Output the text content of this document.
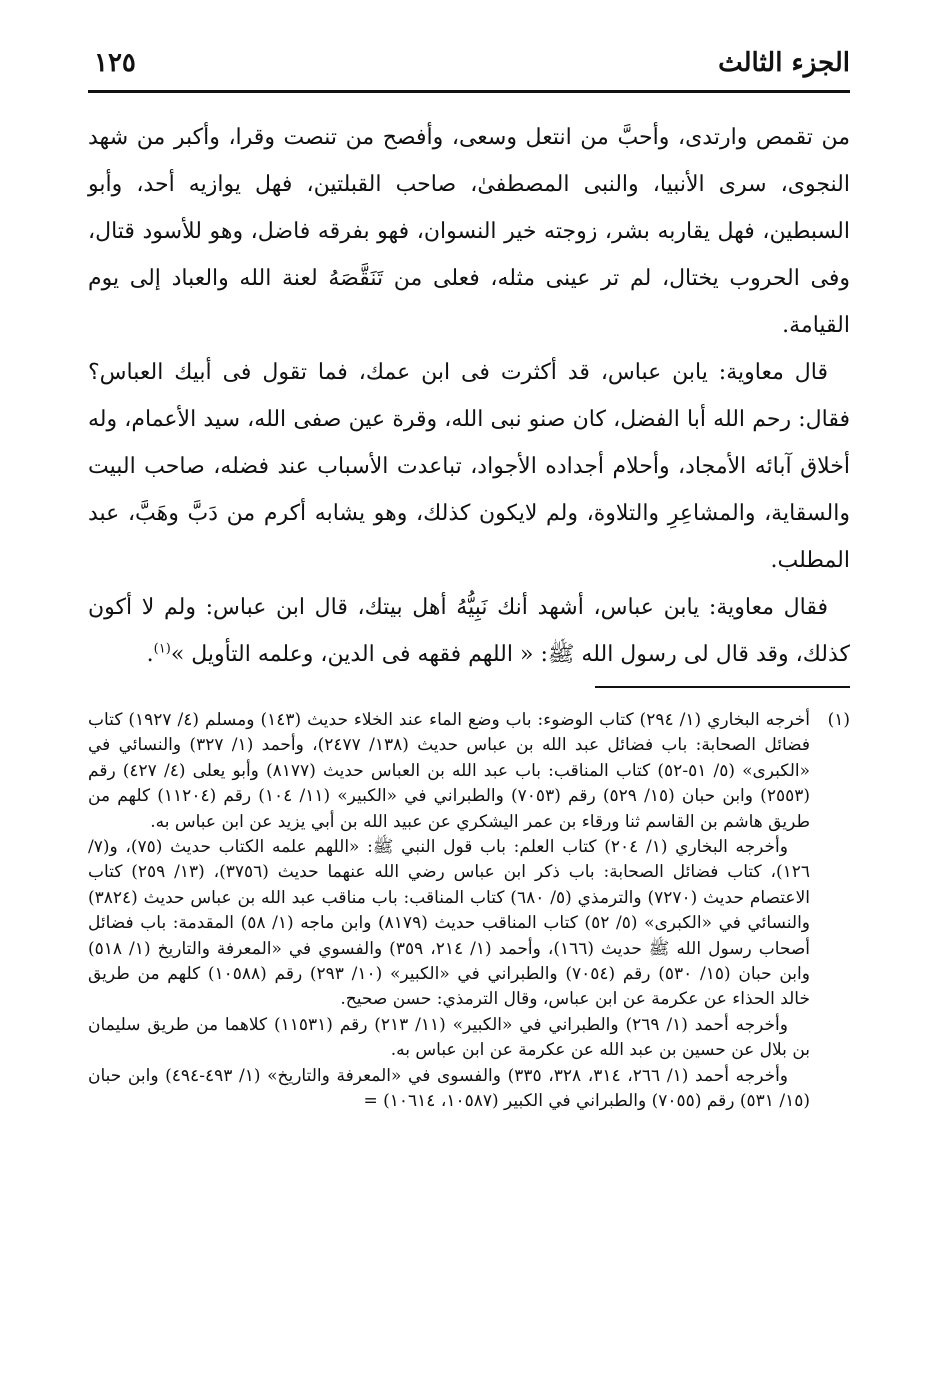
الجزء الثالث
١٢٥

من تقمص وارتدى، وأحبَّ من انتعل وسعى، وأفصح من تنصت وقرا، وأكبر من شهد النجوى، سرى الأنبيا، والنبى المصطفىٰ، صاحب القبلتين، فهل يوازيه أحد، وأبو السبطين، فهل يقاربه بشر، زوجته خير النسوان، فهو بفرقه فاضل، وهو للأسود قتال، وفى الحروب يختال، لم تر عينى مثله، فعلى من تَنَقَّصَهُ لعنة الله والعباد إلى يوم القيامة.

قال معاوية: يابن عباس، قد أكثرت فى ابن عمك، فما تقول فى أبيك العباس؟ فقال: رحم الله أبا الفضل، كان صنو نبى الله، وقرة عين صفى الله، سيد الأعمام، وله أخلاق آبائه الأمجاد، وأحلام أجداده الأجواد، تباعدت الأسباب عند فضله، صاحب البيت والسقاية، والمشاعِرِ والتلاوة، ولم لايكون كذلك، وهو يشابه أكرم من دَبَّ وهَبَّ، عبد المطلب.

فقال معاوية: يابن عباس، أشهد أنك نَبِيُّهُ أهل بيتك، قال ابن عباس: ولم لا أكون كذلك، وقد قال لى رسول الله ﷺ: « اللهم فقهه فى الدين، وعلمه التأويل »$^{(١)}$.

(١)

أخرجه البخاري (١/ ٢٩٤) كتاب الوضوء: باب وضع الماء عند الخلاء حديث (١٤٣) ومسلم (٤/ ١٩٢٧) كتاب فضائل الصحابة: باب فضائل عبد الله بن عباس حديث (١٣٨/ ٢٤٧٧)، وأحمد (١/ ٣٢٧) والنسائي في «الكبرى» (٥/ ٥١-٥٢) كتاب المناقب: باب عبد الله بن العباس حديث (٨١٧٧) وأبو يعلى (٤/ ٤٢٧) رقم (٢٥٥٣) وابن حبان (١٥/ ٥٢٩) رقم (٧٠٥٣) والطبراني في «الكبير» (١١/ ١٠٤) رقم (١١٢٠٤) كلهم من طريق هاشم بن القاسم ثنا ورقاء بن عمر اليشكري عن عبيد الله بن أبي يزيد عن ابن عباس به.

وأخرجه البخاري (١/ ٢٠٤) كتاب العلم: باب قول النبي ﷺ: «اللهم علمه الكتاب حديث (٧٥)، و(٧/ ١٢٦)، كتاب فضائل الصحابة: باب ذكر ابن عباس رضي الله عنهما حديث (٣٧٥٦)، (١٣/ ٢٥٩) كتاب الاعتصام حديث (٧٢٧٠) والترمذي (٥/ ٦٨٠) كتاب المناقب: باب مناقب عبد الله بن عباس حديث (٣٨٢٤) والنسائي في «الكبرى» (٥/ ٥٢) كتاب المناقب حديث (٨١٧٩) وابن ماجه (١/ ٥٨) المقدمة: باب فضائل أصحاب رسول الله ﷺ حديث (١٦٦)، وأحمد (١/ ٢١٤، ٣٥٩) والفسوي في «المعرفة والتاريخ (١/ ٥١٨) وابن حبان (١٥/ ٥٣٠) رقم (٧٠٥٤) والطبراني في «الكبير» (١٠/ ٢٩٣) رقم (١٠٥٨٨) كلهم من طريق خالد الحذاء عن عكرمة عن ابن عباس، وقال الترمذي: حسن صحيح.

وأخرجه أحمد (١/ ٢٦٩) والطبراني في «الكبير» (١١/ ٢١٣) رقم (١١٥٣١) كلاهما من طريق سليمان بن بلال عن حسين بن عبد الله عن عكرمة عن ابن عباس به.

وأخرجه أحمد (١/ ٢٦٦، ٣١٤، ٣٢٨، ٣٣٥) والفسوى في «المعرفة والتاريخ» (١/ ٤٩٣-٤٩٤) وابن حبان (١٥/ ٥٣١) رقم (٧٠٥٥) والطبراني في الكبير (١٠٥٨٧، ١٠٦١٤) =
